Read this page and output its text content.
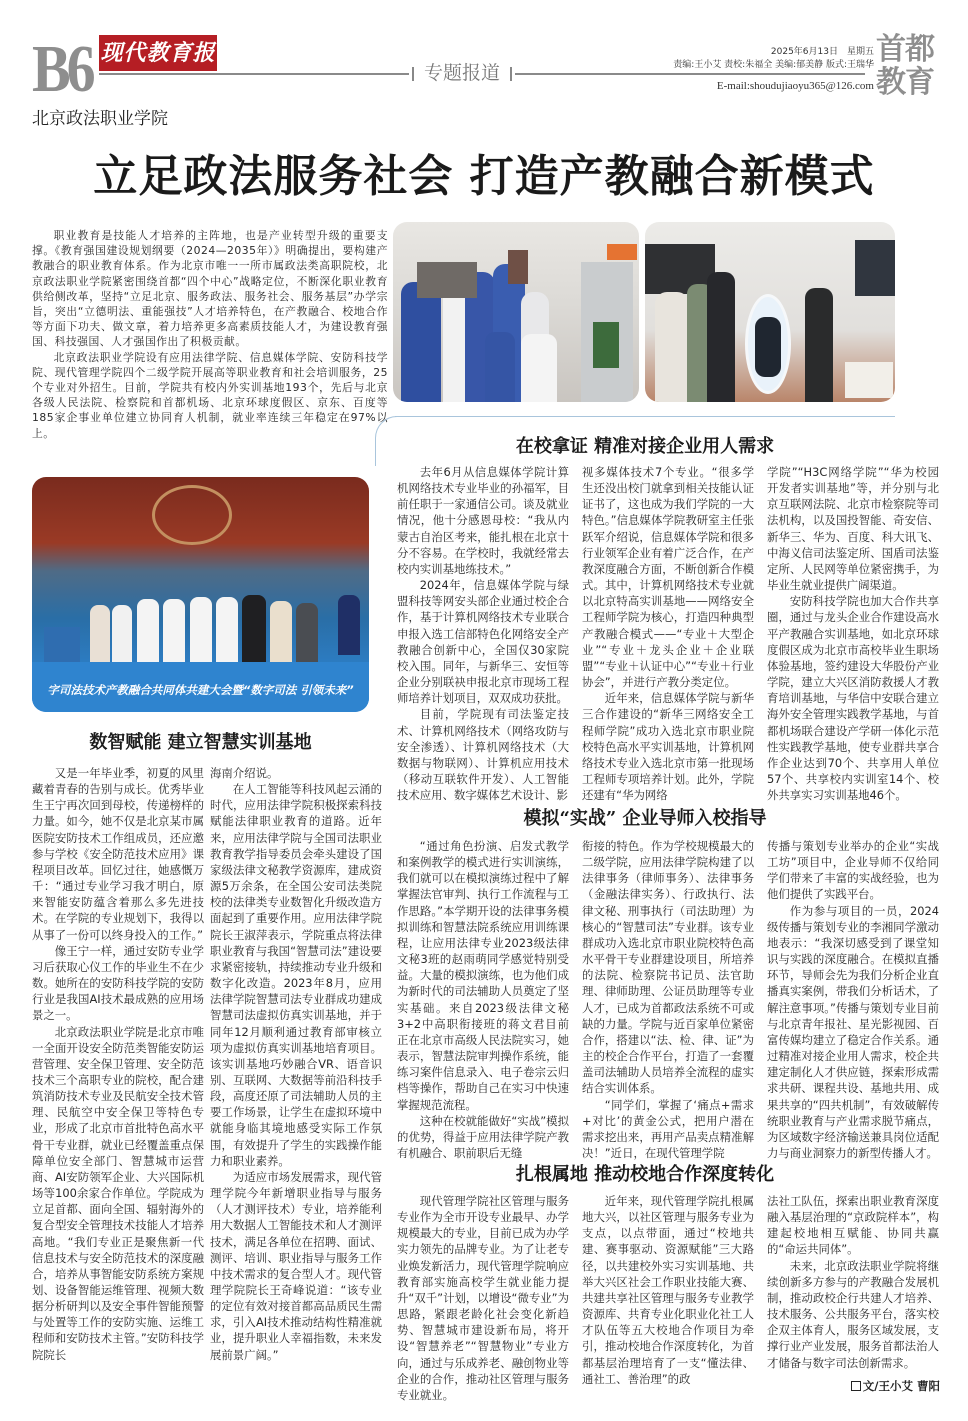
B6 现代教育报
专题报道
2025年6月13日　星期五
责编:王小艾 责校:朱福全 美编:郁美静 版式:王瑞华
E-mail:shoudujiaoyu365@126.com
首都
教育
北京政法职业学院
立足政法服务社会 打造产教融合新模式

职业教育是技能人才培养的主阵地，也是产业转型升级的重要支撑。《教育强国建设规划纲要（2024—2035年）》明确提出，要构建产教融合的职业教育体系。作为北京市唯一一所市属政法类高职院校，北京政法职业学院紧密围绕首都“四个中心”战略定位，不断深化职业教育供给侧改革，坚持“立足北京、服务政法、服务社会、服务基层”办学宗旨，突出“立德明法、重能强技”人才培养特色，在产教融合、校地合作等方面下功夫、做文章，着力培养更多高素质技能人才，为建设教育强国、科技强国、人才强国作出了积极贡献。

北京政法职业学院设有应用法律学院、信息媒体学院、安防科技学院、现代管理学院四个二级学院开展高等职业教育和社会培训服务，25个专业对外招生。目前，学院共有校内外实训基地193个，先后与北京各级人民法院、检察院和首都机场、北京环球度假区、京东、百度等185家企事业单位建立协同育人机制，就业率连续三年稳定在97%以上。

字司法技术产教融合共同体共建大会暨“数字司法 引领未来”
数智赋能 建立智慧实训基地

又是一年毕业季，初夏的风里藏着青春的告别与成长。优秀毕业生王宁再次回到母校，传递榜样的力量。如今，她不仅是北京某市属医院安防技术工作组成员，还应邀参与学校《安全防范技术应用》课程项目改革。回忆过往，她感慨万千：“通过专业学习我才明白，原来智能安防蕴含着那么多先进技术。在学院的专业规划下，我得以从事了一份可以终身投入的工作。”

像王宁一样，通过安防专业学习后获取心仪工作的毕业生不在少数。她所在的安防科技学院的安防行业是我国AI技术最成熟的应用场景之一。

北京政法职业学院是北京市唯一全面开设安全防范类智能安防运营管理、安全保卫管理、安全防范技术三个高职专业的院校，配合建筑消防技术专业及民航安全技术管理、民航空中安全保卫等特色专业，形成了北京市首批特色高水平骨干专业群，就业已经覆盖重点保障单位安全部门、智慧城市运营商、AI安防领军企业、大兴国际机场等100余家合作单位。学院成为立足首都、面向全国、辐射海外的复合型安全管理技术技能人才培养高地。“我们专业正是聚焦新一代信息技术与安全防范技术的深度融合，培养从事智能安防系统方案规划、设备智能运维管理、视频大数据分析研判以及安全事件智能预警与处置等工作的安防实施、运维工程师和安防技术主管。”安防科技学院院长

海南介绍说。

在人工智能等科技风起云涌的时代，应用法律学院积极探索科技赋能法律职业教育的道路。近年来，应用法律学院与全国司法职业教育教学指导委员会牵头建设了国家级法律文秘教学资源库，建成资源5万余条，在全国公安司法类院校的法律类专业数智化升级改造方面起到了重要作用。应用法律学院院长王淑萍表示，学院重点将法律职业教育与我国“智慧司法”建设要求紧密接轨，持续推动专业升级和数字化改造。2023年8月，应用法律学院智慧司法专业群成功建成智慧司法虚拟仿真实训基地，并于同年12月顺利通过教育部审核立项为虚拟仿真实训基地培育项目。该实训基地巧妙融合VR、语音识别、互联网、大数据等前沿科技手段，高度还原了司法辅助人员的主要工作场景，让学生在虚拟环境中就能身临其境地感受实际工作氛围，有效提升了学生的实践操作能力和职业素养。

为适应市场发展需求，现代管理学院今年新增职业指导与服务（人才测评技术）专业，培养能利用大数据人工智能技术和人才测评技术，满足各单位在招聘、面试、测评、培训、职业指导与服务工作中技术需求的复合型人才。现代管理学院院长王奇峰说道：“该专业的定位有效对接首都高品质民生需求，引入AI技术推动结构性精准就业，提升职业人幸福指数，未来发展前景广阔。”

在校拿证 精准对接企业用人需求

去年6月从信息媒体学院计算机网络技术专业毕业的孙福军，目前任职于一家通信公司。谈及就业情况，他十分感恩母校：“我从内蒙古自治区考来，能扎根在北京十分不容易。在学校时，我就经常去校内实训基地练技术。”

2024年，信息媒体学院与绿盟科技等网安头部企业通过校企合作，基于计算机网络技术专业联合申报入选工信部特色化网络安全产教融合创新中心，全国仅30家院校入围。同年，与新华三、安恒等企业分别联袂申报北京市现场工程师培养计划项目，双双成功获批。

目前，学院现有司法鉴定技术、计算机网络技术（网络攻防与安全渗透）、计算机网络技术（大数据与物联网）、计算机应用技术（移动互联软件开发）、人工智能技术应用、数字媒体艺术设计、影

视多媒体技术7个专业。“很多学生还没出校门就拿到相关技能认证证书了，这也成为我们学院的一大特色。”信息媒体学院教研室主任张跃军介绍说，信息媒体学院和很多行业领军企业有着广泛合作，在产教深度融合方面，不断创新合作模式。其中，计算机网络技术专业就以北京特高实训基地——网络安全工程师学院为核心，打造四种典型产教融合模式——“专业＋大型企业”“专业＋龙头企业＋企业联盟”“专业＋认证中心”“专业＋行业协会”，并进行产教分类定位。

近年来，信息媒体学院与新华三合作建设的“新华三网络安全工程师学院”成功入选北京市职业院校特色高水平实训基地，计算机网络技术专业入选北京市第一批现场工程师专项培养计划。此外，学院还建有“华为网络

学院”“H3C网络学院”“华为校园开发者实训基地”等，并分别与北京互联网法院、北京市检察院等司法机构，以及国投智能、奇安信、新华三、华为、百度、科大讯飞、中海义信司法鉴定所、国盾司法鉴定所、人民网等单位紧密携手，为毕业生就业提供广阔渠道。

安防科技学院也加大合作共享圈，通过与龙头企业合作建设高水平产教融合实训基地，如北京环球度假区成为北京市高校毕业生职场体验基地，签约建设大华股份产业学院，建立大兴区消防救援人才教育培训基地，与华信中安联合建立海外安全管理实践教学基地，与首都机场联合建设产学研一体化示范性实践教学基地，使专业群共享合作企业达到70个、共享用人单位57个、共享校内实训室14个、校外共享实习实训基地46个。

模拟“实战” 企业导师入校指导

“通过角色扮演、启发式教学和案例教学的模式进行实训演练，我们就可以在模拟演练过程中了解掌握法官审判、执行工作流程与工作思路。”本学期开设的法律事务模拟训练和智慧法院系统应用训练课程，让应用法律专业2023级法律文秘3班的赵雨萌同学感觉特别受益。大量的模拟演练，也为他们成为新时代的司法辅助人员奠定了坚实基础。来自2023级法律文秘3+2中高职衔接班的蒋文君目前正在北京市高级人民法院实习，她表示，智慧法院审判操作系统，能练习案件信息录入、电子卷宗云归档等操作，帮助自己在实习中快速掌握规范流程。

这种在校就能做好“实战”模拟的优势，得益于应用法律学院产教有机融合、职前职后无缝

衔接的特色。作为学校规模最大的二级学院，应用法律学院构建了以法律事务（律师事务）、法律事务（金融法律实务）、行政执行、法律文秘、刑事执行（司法助理）为核心的“智慧司法”专业群。该专业群成功入选北京市职业院校特色高水平骨干专业群建设项目，所培养的法院、检察院书记员、法官助理、律师助理、公证员助理等专业人才，已成为首都政法系统不可或缺的力量。学院与近百家单位紧密合作，搭建以“法、检、律、证”为主的校企合作平台，打造了一套覆盖司法辅助人员培养全流程的虚实结合实训体系。

“同学们，掌握了‘痛点+需求+对比’的黄金公式，把用户潜在需求挖出来，再用产品卖点精准解决！”近日，在现代管理学院

传播与策划专业举办的企业“实战工坊”项目中，企业导师不仅给同学们带来了丰富的实战经验，也为他们提供了实践平台。

作为参与项目的一员，2024级传播与策划专业的李湘同学激动地表示：“我深切感受到了课堂知识与实践的深度融合。在模拟直播环节，导师会先为我们分析企业直播真实案例，带我们分析话术，了解注意事项。”传播与策划专业目前与北京青年报社、星光影视园、百富传媒均建立了稳定合作关系。通过精准对接企业用人需求，校企共建定制化人才供应链，探索形成需求共研、课程共设、基地共用、成果共享的“四共机制”，有效破解传统职业教育与产业需求脱节痛点，为区域数字经济输送兼具岗位适配力与商业洞察力的新型传播人才。

扎根属地 推动校地合作深度转化

现代管理学院社区管理与服务专业作为全市开设专业最早、办学规模最大的专业，目前已成为办学实力领先的品牌专业。为了让老专业焕发新活力，现代管理学院响应教育部实施高校学生就业能力提升“双千”计划，以增设“微专业”为思路，紧跟老龄化社会变化新趋势、智慧城市建设新布局，将开设“智慧养老”“智慧物业”专业方向，通过与乐成养老、融创物业等企业的合作，推动社区管理与服务专业就业。

近年来，现代管理学院扎根属地大兴，以社区管理与服务专业为支点，以点带面，通过“校地共建、赛事驱动、资源赋能”三大路径，以共建校外实习实训基地、共举大兴区社会工作职业技能大赛、共建共享社区管理与服务专业教学资源库、共育专业化职业化社工人才队伍等五大校地合作项目为牵引，推动校地合作深度转化，为首都基层治理培育了一支“懂法律、通社工、善治理”的政

法社工队伍，探索出职业教育深度融入基层治理的“京政院样本”，构建起校地相互赋能、协同共赢的“命运共同体”。

未来，北京政法职业学院将继续创新多方参与的产教融合发展机制，推动政校企行共建人才培养、技术服务、公共服务平台，落实校企双主体育人，服务区域发展，支撑行业产业发展，服务首都法治人才储备与数字司法创新需求。

文/王小艾 曹阳
